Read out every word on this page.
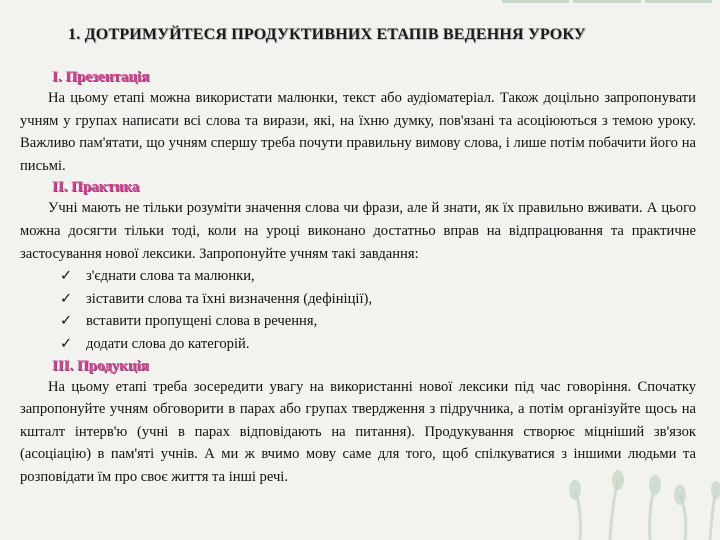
1. ДОТРИМУЙТЕСЯ ПРОДУКТИВНИХ ЕТАПІВ ВЕДЕННЯ УРОКУ
I. Презентація

На цьому етапі можна використати малюнки, текст або аудіоматеріал. Також доцільно запропонувати учням у групах написати всі слова та вирази, які, на їхню думку, пов'язані та асоціюються з темою уроку. Важливо пам'ятати, що учням спершу треба почути правильну вимову слова, і лише потім побачити його на письмі.

II. Практика

Учні мають не тільки розуміти значення слова чи фрази, але й знати, як їх правильно вживати. А цього можна досягти тільки тоді, коли на уроці виконано достатньо вправ на відпрацювання та практичне застосування нової лексики. Запропонуйте учням такі завдання:

✓ з'єднати слова та малюнки,
✓ зіставити слова та їхні визначення (дефініції),
✓ вставити пропущені слова в речення,
✓ додати слова до категорій.
III. Продукція

На цьому етапі треба зосередити увагу на використанні нової лексики під час говоріння. Спочатку запропонуйте учням обговорити в парах або групах твердження з підручника, а потім організуйте щось на кшталт інтерв'ю (учні в парах відповідають на питання). Продукування створює міцніший зв'язок (асоціацію) в пам'яті учнів. А ми ж вчимо мову саме для того, щоб спілкуватися з іншими людьми та розповідати їм про своє життя та інші речі.
